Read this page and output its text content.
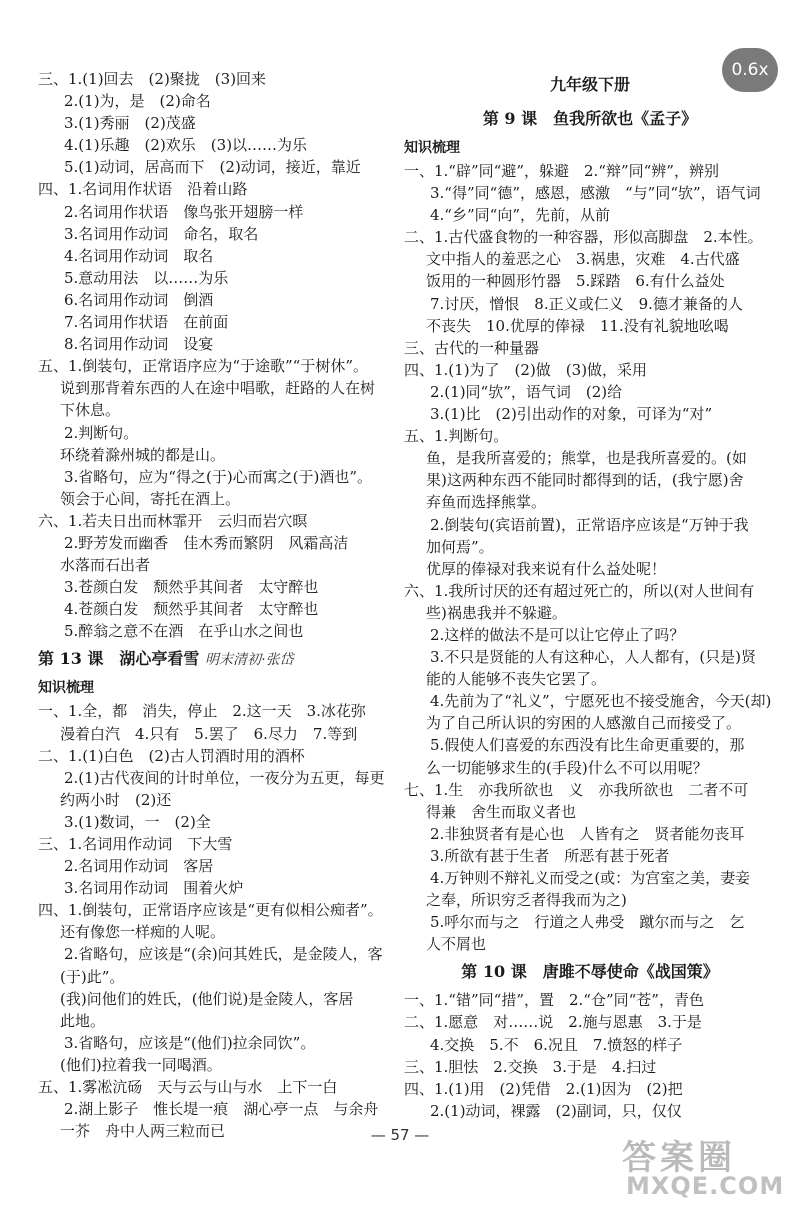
0.6x
三、1.(1)回去　(2)聚拢　(3)回来
2.(1)为，是　(2)命名
3.(1)秀丽　(2)茂盛
4.(1)乐趣　(2)欢乐　(3)以……为乐
5.(1)动词，居高而下　(2)动词，接近，靠近
四、1.名词用作状语　沿着山路
2.名词用作状语　像鸟张开翅膀一样
3.名词用作动词　命名，取名
4.名词用作动词　取名
5.意动用法　以……为乐
6.名词用作动词　倒酒
7.名词用作状语　在前面
8.名词用作动词　设宴
五、1.倒装句，正常语序应为“于途歌”“于树休”。
说到那背着东西的人在途中唱歌，赶路的人在树
下休息。
2.判断句。
环绕着滁州城的都是山。
3.省略句，应为“得之(于)心而寓之(于)酒也”。
领会于心间，寄托在酒上。
六、1.若夫日出而林霏开　云归而岩穴暝
2.野芳发而幽香　佳木秀而繁阴　风霜高洁
水落而石出者
3.苍颜白发　颓然乎其间者　太守醉也
4.苍颜白发　颓然乎其间者　太守醉也
5.醉翁之意不在酒　在乎山水之间也
第 13 课　湖心亭看雪 明末清初·张岱
知识梳理
一、1.全，都　消失，停止　2.这一天　3.冰花弥
漫着白汽　4.只有　5.罢了　6.尽力　7.等到
二、1.(1)白色　(2)古人罚酒时用的酒杯
2.(1)古代夜间的计时单位，一夜分为五更，每更
约两小时　(2)还
3.(1)数词，一　(2)全
三、1.名词用作动词　下大雪
2.名词用作动词　客居
3.名词用作动词　围着火炉
四、1.倒装句，正常语序应该是“更有似相公痴者”。
还有像您一样痴的人呢。
2.省略句，应该是“(余)问其姓氏，是金陵人，客
(于)此”。
(我)问他们的姓氏，(他们说)是金陵人，客居
此地。
3.省略句，应该是“(他们)拉余同饮”。
(他们)拉着我一同喝酒。
五、1.雾凇沆砀　天与云与山与水　上下一白
2.湖上影子　惟长堤一痕　湖心亭一点　与余舟
一芥　舟中人两三粒而已
九年级下册
第 9 课　鱼我所欲也《孟子》
知识梳理
一、1.“辟”同“避”，躲避　2.“辩”同“辨”，辨别
3.“得”同“德”，感恩，感激　“与”同“欤”，语气词
4.“乡”同“向”，先前，从前
二、1.古代盛食物的一种容器，形似高脚盘　2.本性。
文中指人的羞恶之心　3.祸患，灾难　4.古代盛
饭用的一种圆形竹器　5.踩踏　6.有什么益处
7.讨厌，憎恨　8.正义或仁义　9.德才兼备的人
不丧失　10.优厚的俸禄　11.没有礼貌地吆喝
三、古代的一种量器
四、1.(1)为了　(2)做　(3)做，采用
2.(1)同“欤”，语气词　(2)给
3.(1)比　(2)引出动作的对象，可译为“对”
五、1.判断句。
鱼，是我所喜爱的；熊掌，也是我所喜爱的。(如
果)这两种东西不能同时都得到的话，(我宁愿)舍
弃鱼而选择熊掌。
2.倒装句(宾语前置)，正常语序应该是“万钟于我
加何焉”。
优厚的俸禄对我来说有什么益处呢！
六、1.我所讨厌的还有超过死亡的，所以(对人世间有
些)祸患我并不躲避。
2.这样的做法不是可以让它停止了吗？
3.不只是贤能的人有这种心，人人都有，(只是)贤
能的人能够不丧失它罢了。
4.先前为了“礼义”，宁愿死也不接受施舍，今天(却)
为了自己所认识的穷困的人感激自己而接受了。
5.假使人们喜爱的东西没有比生命更重要的，那
么一切能够求生的(手段)什么不可以用呢？
七、1.生　亦我所欲也　义　亦我所欲也　二者不可
得兼　舍生而取义者也
2.非独贤者有是心也　人皆有之　贤者能勿丧耳
3.所欲有甚于生者　所恶有甚于死者
4.万钟则不辩礼义而受之(或：为宫室之美，妻妾
之奉，所识穷乏者得我而为之)
5.呼尔而与之　行道之人弗受　蹴尔而与之　乞
人不屑也
第 10 课　唐雎不辱使命《战国策》
一、1.“错”同“措”，置　2.“仓”同“苍”，青色
二、1.愿意　对……说　2.施与恩惠　3.于是
4.交换　5.不　6.况且　7.愤怒的样子
三、1.胆怯　2.交换　3.于是　4.扫过
四、1.(1)用　(2)凭借　2.(1)因为　(2)把
2.(1)动词，裸露　(2)副词，只，仅仅
— 57 —
答案圈
MXQE.COM
